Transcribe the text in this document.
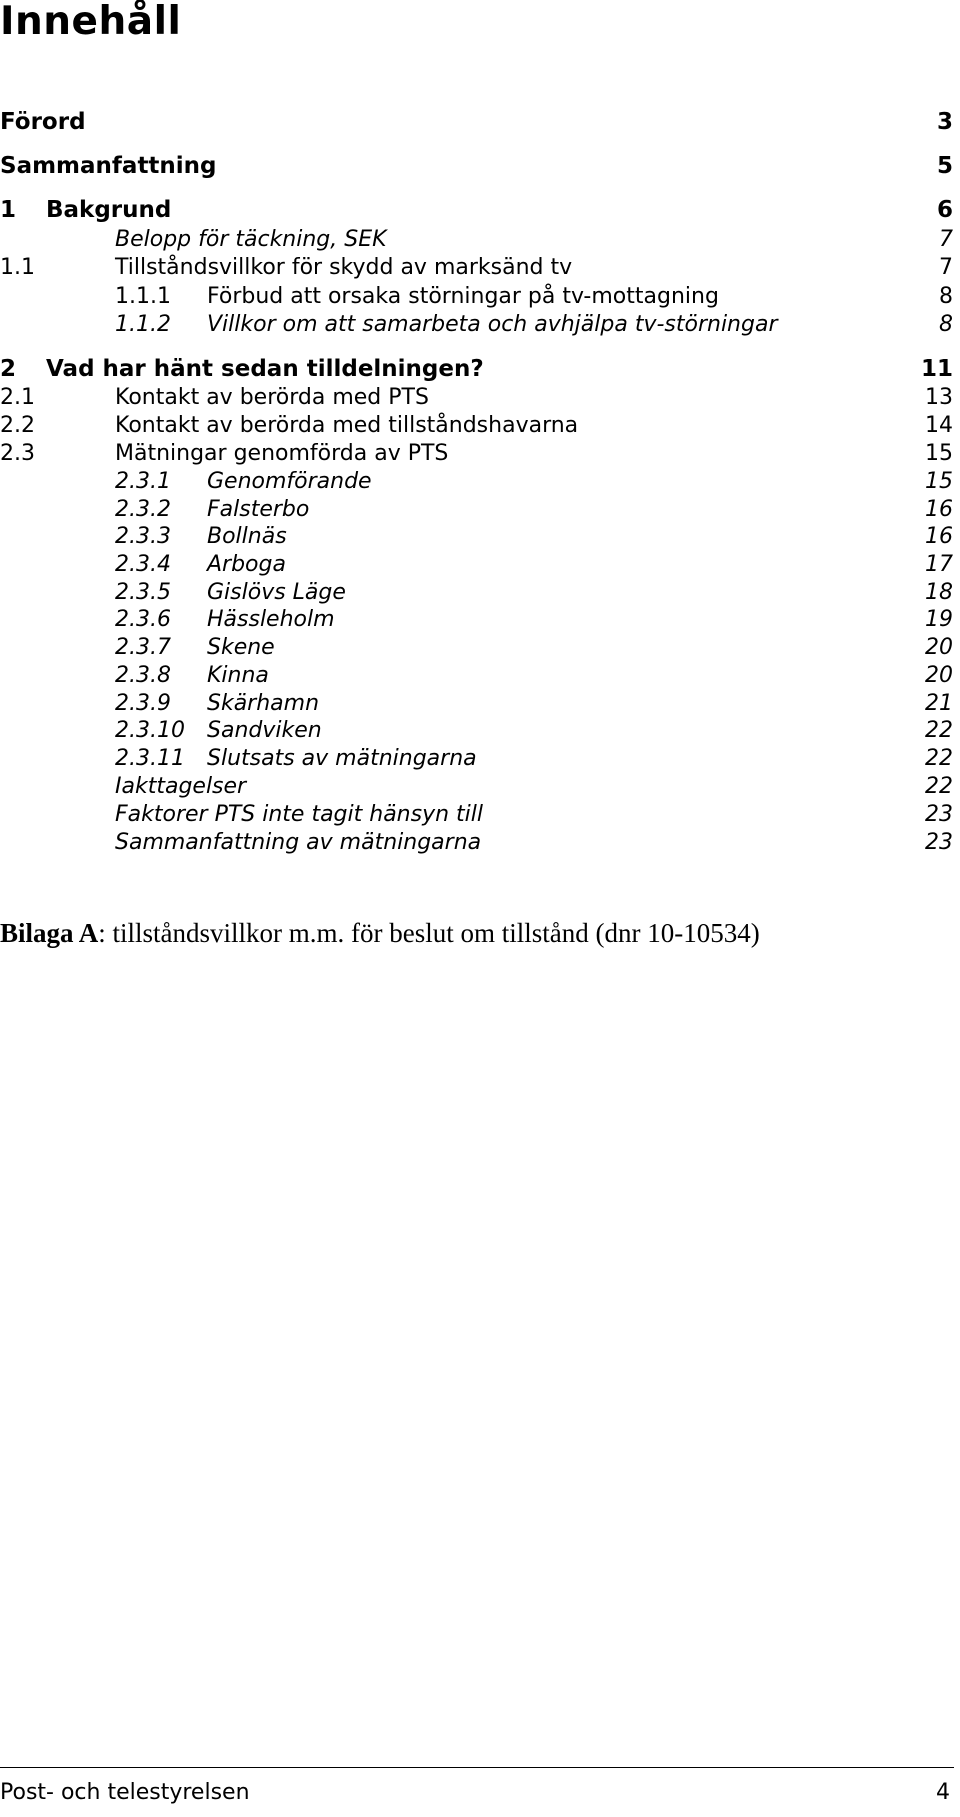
Innehåll
Förord	3
Sammanfattning	5
1 Bakgrund	6
Belopp för täckning, SEK	7
1.1	Tillståndsvillkor för skydd av marksänd tv	7
1.1.1 Förbud att orsaka störningar på tv-mottagning	8
1.1.2 Villkor om att samarbeta och avhjälpa tv-störningar	8
2 Vad har hänt sedan tilldelningen?	11
2.1	Kontakt av berörda med PTS	13
2.2	Kontakt av berörda med tillståndshavarna	14
2.3	Mätningar genomförda av PTS	15
2.3.1 Genomförande	15
2.3.2 Falsterbo	16
2.3.3 Bollnäs	16
2.3.4 Arboga	17
2.3.5 Gislövs Läge	18
2.3.6 Hässleholm	19
2.3.7 Skene	20
2.3.8 Kinna	20
2.3.9 Skärhamn	21
2.3.10 Sandviken	22
2.3.11 Slutsats av mätningarna	22
Iakttagelser	22
Faktorer PTS inte tagit hänsyn till	23
Sammanfattning av mätningarna	23

Bilaga A: tillståndsvillkor m.m. för beslut om tillstånd (dnr 10-10534)

Post- och telestyrelsen	4
